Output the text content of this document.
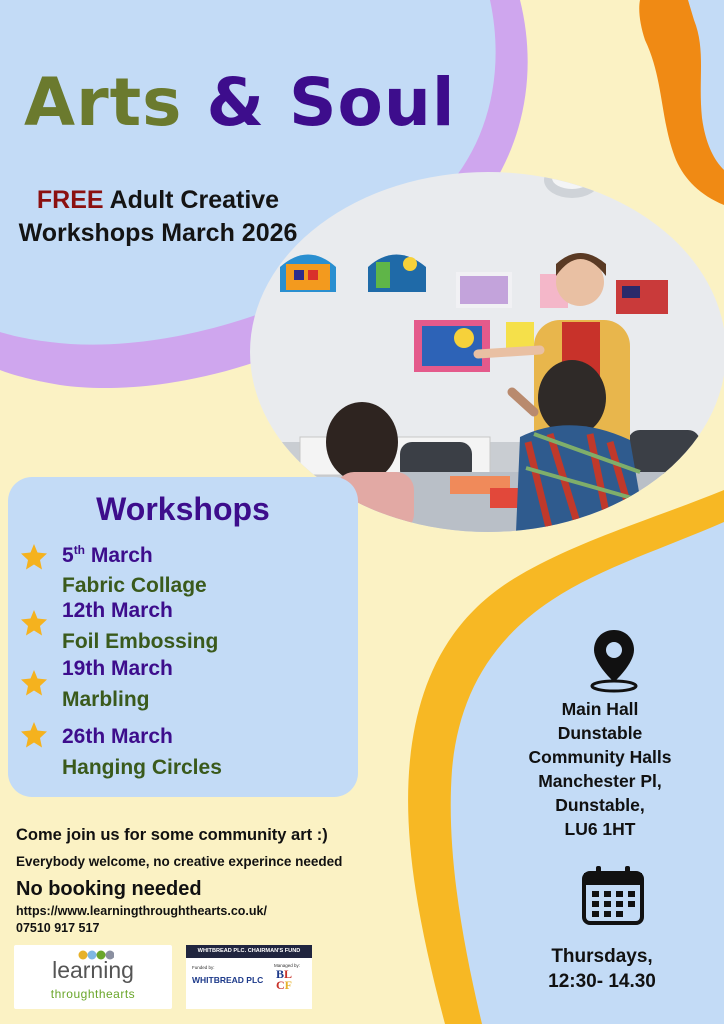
Arts & Soul

FREE Adult Creative Workshops March 2026

Workshops
5th March
Fabric Collage
12th March
Foil Embossing
19th March
Marbling
26th March
Hanging Circles

Come join us for some community art :)

Everybody welcome, no creative experince needed

No booking needed

https://www.learningthroughthearts.co.uk/

07510 917 517

Main Hall
Dunstable
Community Halls
Manchester Pl,
Dunstable,
LU6 1HT

Thursdays,
12:30- 14.30

learning
throughthearts
WHITBREAD PLC. CHAIRMAN'S FUND
Funded by:	Managed by:
WHITBREAD PLC BL
CF
